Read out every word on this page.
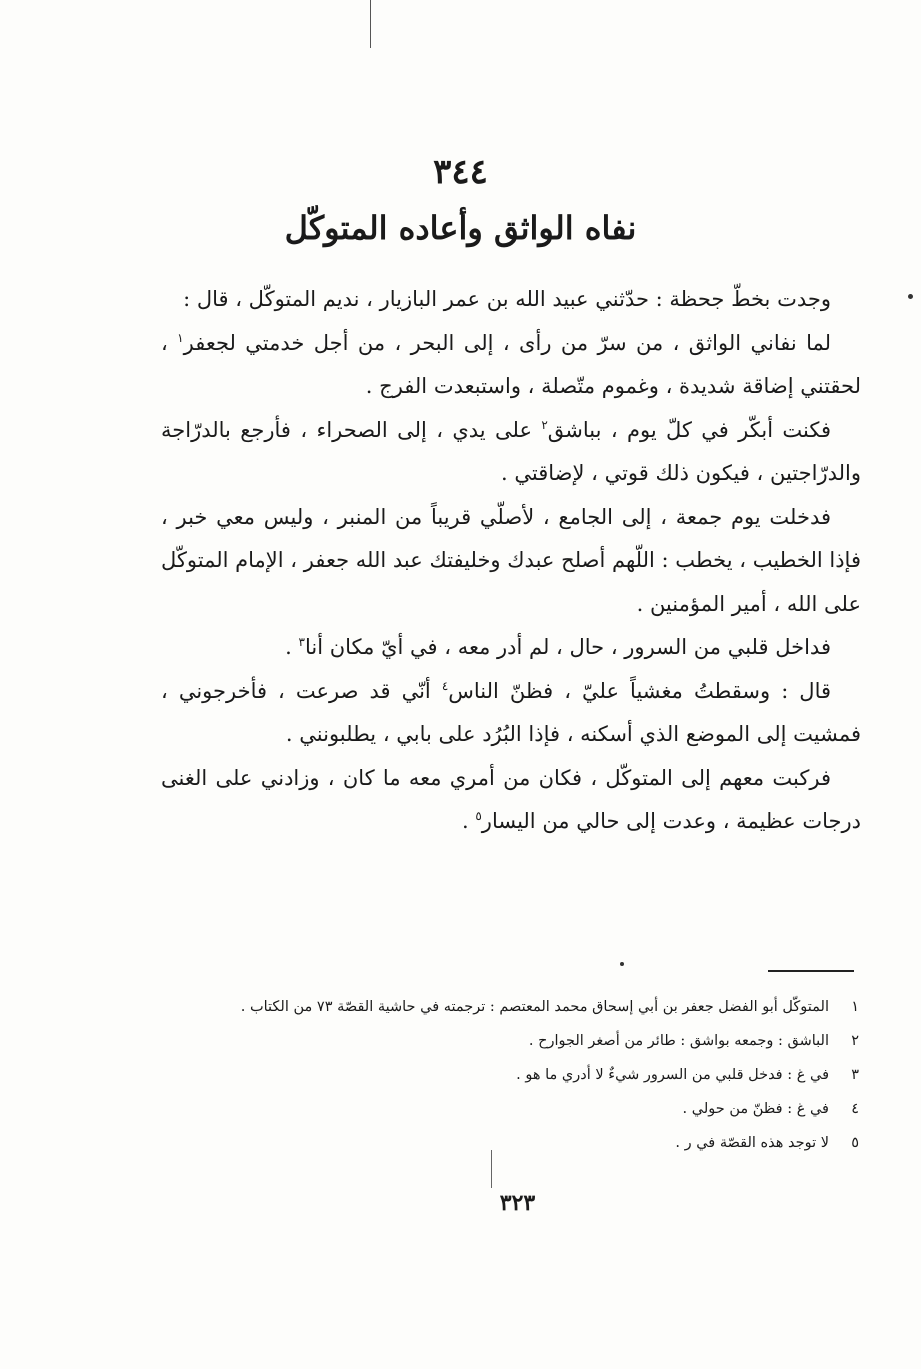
٣٤٤
نفاه الواثق وأعاده المتوكّل

وجدت بخطّ جحظة : حدّثني عبيد الله بن عمر البازيار ، نديم المتوكّل ، قال :

لما نفاني الواثق ، من سرّ من رأى ، إلى البحر ، من أجل خدمتي لجعفر$^١$ ، لحقتني إضاقة شديدة ، وغموم متّصلة ، واستبعدت الفرج .

فكنت أبكّر في كلّ يوم ، بباشق$^٢$ على يدي ، إلى الصحراء ، فأرجع بالدرّاجة والدرّاجتين ، فيكون ذلك قوتي ، لإضاقتي .

فدخلت يوم جمعة ، إلى الجامع ، لأصلّي قريباً من المنبر ، وليس معي خبر ، فإذا الخطيب ، يخطب : اللّهم أصلح عبدك وخليفتك عبد الله جعفر ، الإمام المتوكّل على الله ، أمير المؤمنين .

فداخل قلبي من السرور ، حال ، لم أدر معه ، في أيّ مكان أنا$^٣$ .

قال : وسقطتُ مغشياً عليّ ، فظنّ الناس$^٤$ أنّي قد صرعت ، فأخرجوني ، فمشيت إلى الموضع الذي أسكنه ، فإذا البُرُد على بابي ، يطلبونني .

فركبت معهم إلى المتوكّل ، فكان من أمري معه ما كان ، وزادني على الغنى درجات عظيمة ، وعدت إلى حالي من اليسار$^٥$ .

١
المتوكّل أبو الفضل جعفر بن أبي إسحاق محمد المعتصم : ترجمته في حاشية القصّة ٧٣ من الكتاب .
٢
الباشق : وجمعه بواشق : طائر من أصغر الجوارح .
٣
في غ : فدخل قلبي من السرور شيءٌ لا أدري ما هو .
٤
في غ : فظنّ من حولي .
٥
لا توجد هذه القصّة في ر .
٣٢٣
